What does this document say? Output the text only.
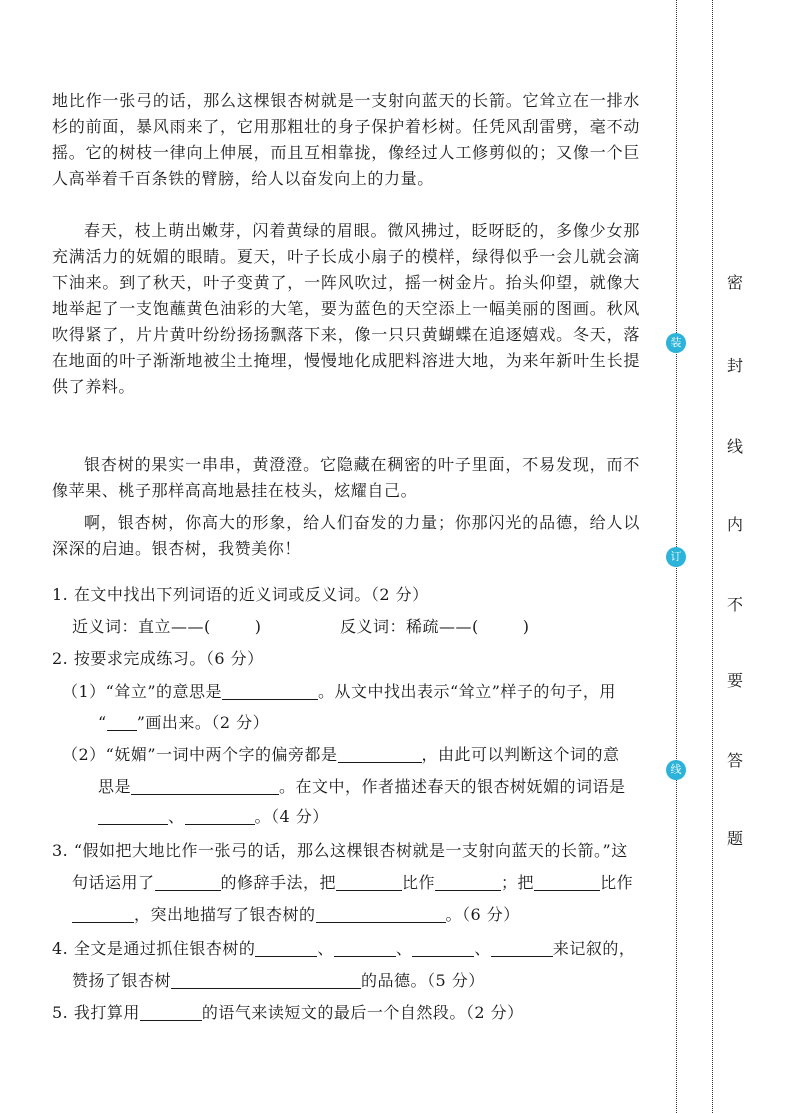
地比作一张弓的话，那么这棵银杏树就是一支射向蓝天的长箭。它耸立在一排水杉的前面，暴风雨来了，它用那粗壮的身子保护着杉树。任凭风刮雷劈，毫不动摇。它的树枝一律向上伸展，而且互相靠拢，像经过人工修剪似的；又像一个巨人高举着千百条铁的臂膀，给人以奋发向上的力量。

春天，枝上萌出嫩芽，闪着黄绿的眉眼。微风拂过，眨呀眨的，多像少女那充满活力的妩媚的眼睛。夏天，叶子长成小扇子的模样，绿得似乎一会儿就会滴下油来。到了秋天，叶子变黄了，一阵风吹过，摇一树金片。抬头仰望，就像大地举起了一支饱蘸黄色油彩的大笔，要为蓝色的天空添上一幅美丽的图画。秋风吹得紧了，片片黄叶纷纷扬扬飘落下来，像一只只黄蝴蝶在追逐嬉戏。冬天，落在地面的叶子渐渐地被尘土掩埋，慢慢地化成肥料溶进大地，为来年新叶生长提供了养料。

银杏树的果实一串串，黄澄澄。它隐藏在稠密的叶子里面，不易发现，而不像苹果、桃子那样高高地悬挂在枝头，炫耀自己。

啊，银杏树，你高大的形象，给人们奋发的力量；你那闪光的品德，给人以深深的启迪。银杏树，我赞美你！

1. 在文中找出下列词语的近义词或反义词。（2 分）
近义词：直立——(	)	反义词：稀疏——(	)
2. 按要求完成练习。（6 分）
（1）“耸立”的意思是	。从文中找出表示“耸立”样子的句子，用
“ ”画出来。（2 分）
（2）“妩媚”一词中两个字的偏旁都是	，由此可以判断这个词的意
思是	。在文中，作者描述春天的银杏树妩媚的词语是
、	。（4 分）
3. “假如把大地比作一张弓的话，那么这棵银杏树就是一支射向蓝天的长箭。”这
句话运用了	的修辞手法，把	比作	；把	比作
，突出地描写了银杏树的	。（6 分）
4. 全文是通过抓住银杏树的	、	、	、	来记叙的，
赞扬了银杏树	的品德。（5 分）
5. 我打算用	的语气来读短文的最后一个自然段。（2 分）
装
订
线
密
封
线
内
不
要
答
题
